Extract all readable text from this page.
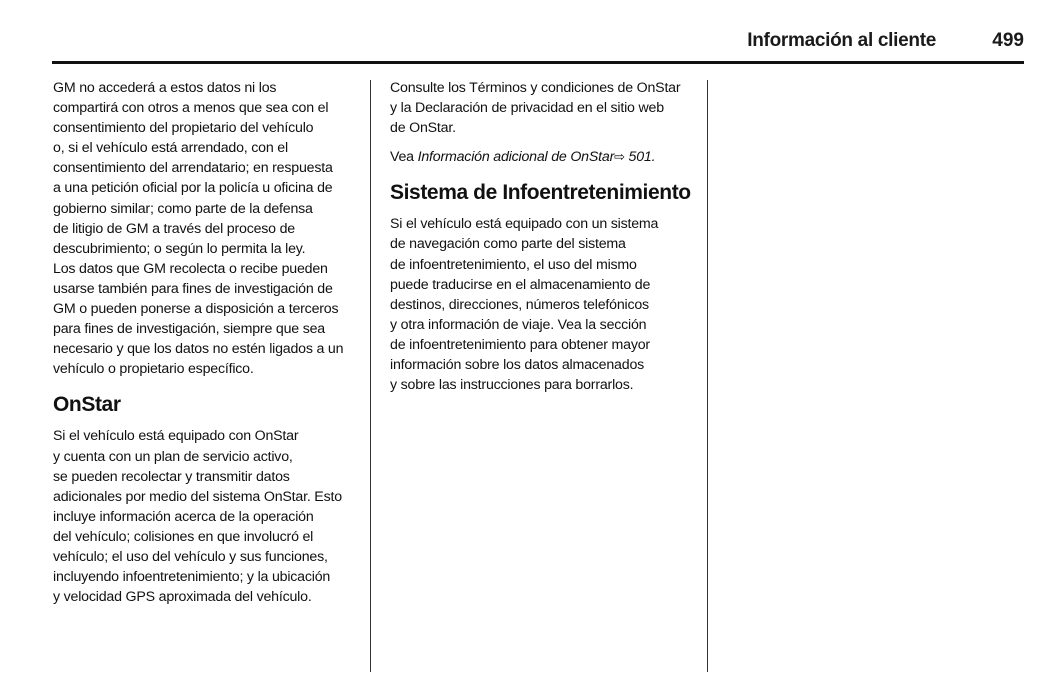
Información al cliente	499

GM no accederá a estos datos ni los
compartirá con otros a menos que sea con el
consentimiento del propietario del vehículo
o, si el vehículo está arrendado, con el
consentimiento del arrendatario; en respuesta
a una petición oficial por la policía u oficina de
gobierno similar; como parte de la defensa
de litigio de GM a través del proceso de
descubrimiento; o según lo permita la ley.
Los datos que GM recolecta o recibe pueden
usarse también para fines de investigación de
GM o pueden ponerse a disposición a terceros
para fines de investigación, siempre que sea
necesario y que los datos no estén ligados a un
vehículo o propietario específico.

OnStar

Si el vehículo está equipado con OnStar
y cuenta con un plan de servicio activo,
se pueden recolectar y transmitir datos
adicionales por medio del sistema OnStar. Esto
incluye información acerca de la operación
del vehículo; colisiones en que involucró el
vehículo; el uso del vehículo y sus funciones,
incluyendo infoentretenimiento; y la ubicación
y velocidad GPS aproximada del vehículo.

Consulte los Términos y condiciones de OnStar
y la Declaración de privacidad en el sitio web
de OnStar.

Vea Información adicional de OnStar⇨ 501.

Sistema de Infoentretenimiento

Si el vehículo está equipado con un sistema
de navegación como parte del sistema
de infoentretenimiento, el uso del mismo
puede traducirse en el almacenamiento de
destinos, direcciones, números telefónicos
y otra información de viaje. Vea la sección
de infoentretenimiento para obtener mayor
información sobre los datos almacenados
y sobre las instrucciones para borrarlos.
